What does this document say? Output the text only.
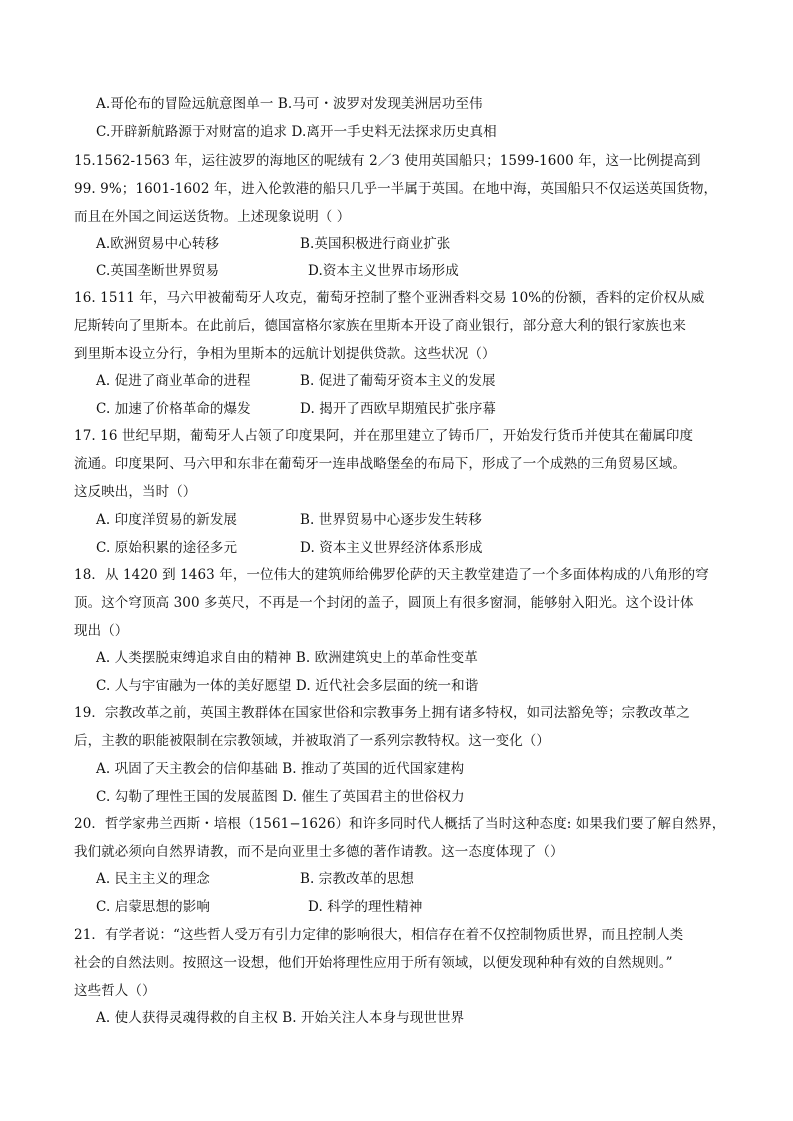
A.哥伦布的冒险远航意图单一 B.马可・波罗对发现美洲居功至伟
C.开辟新航路源于对财富的追求 D.离开一手史料无法探求历史真相
15.1562-1563 年，运往波罗的海地区的呢绒有 2／3 使用英国船只；1599-1600 年，这一比例提高到
99. 9%；1601-1602 年，进入伦敦港的船只几乎一半属于英国。在地中海，英国船只不仅运送英国货物，
而且在外国之间运送货物。上述现象说明（ ）
A.欧洲贸易中心转移	B.英国积极进行商业扩张
C.英国垄断世界贸易	D.资本主义世界市场形成
16. 1511 年，马六甲被葡萄牙人攻克，葡萄牙控制了整个亚洲香料交易 10%的份额，香料的定价权从威
尼斯转向了里斯本。在此前后，德国富格尔家族在里斯本开设了商业银行，部分意大利的银行家族也来
到里斯本设立分行，争相为里斯本的远航计划提供贷款。这些状况（）
A. 促进了商业革命的进程	B. 促进了葡萄牙资本主义的发展
C. 加速了价格革命的爆发	D. 揭开了西欧早期殖民扩张序幕
17. 16 世纪早期，葡萄牙人占领了印度果阿，并在那里建立了铸币厂，开始发行货币并使其在葡属印度
流通。印度果阿、马六甲和东非在葡萄牙一连串战略堡垒的布局下，形成了一个成熟的三角贸易区域。
这反映出，当时（）
A. 印度洋贸易的新发展	B. 世界贸易中心逐步发生转移
C. 原始积累的途径多元	D. 资本主义世界经济体系形成
18．从 1420 到 1463 年，一位伟大的建筑师给佛罗伦萨的天主教堂建造了一个多面体构成的八角形的穹
顶。这个穹顶高 300 多英尺，不再是一个封闭的盖子，圆顶上有很多窗洞，能够射入阳光。这个设计体
现出（）
A. 人类摆脱束缚追求自由的精神 B. 欧洲建筑史上的革命性变革
C. 人与宇宙融为一体的美好愿望 D. 近代社会多层面的统一和谐
19．宗教改革之前，英国主教群体在国家世俗和宗教事务上拥有诸多特权，如司法豁免等；宗教改革之
后，主教的职能被限制在宗教领域，并被取消了一系列宗教特权。这一变化（）
A. 巩固了天主教会的信仰基础 B. 推动了英国的近代国家建构
C. 勾勒了理性王国的发展蓝图 D. 催生了英国君主的世俗权力
20．哲学家弗兰西斯・培根（1561−1626）和许多同时代人概括了当时这种态度: 如果我们要了解自然界，
我们就必须向自然界请教，而不是向亚里士多德的著作请教。这一态度体现了（）
A. 民主主义的理念	B. 宗教改革的思想
C. 启蒙思想的影响	D. 科学的理性精神
21．有学者说：“这些哲人受万有引力定律的影响很大，相信存在着不仅控制物质世界，而且控制人类
社会的自然法则。按照这一设想，他们开始将理性应用于所有领域，以便发现种种有效的自然规则。”
这些哲人（）
A. 使人获得灵魂得救的自主权 B. 开始关注人本身与现世世界
